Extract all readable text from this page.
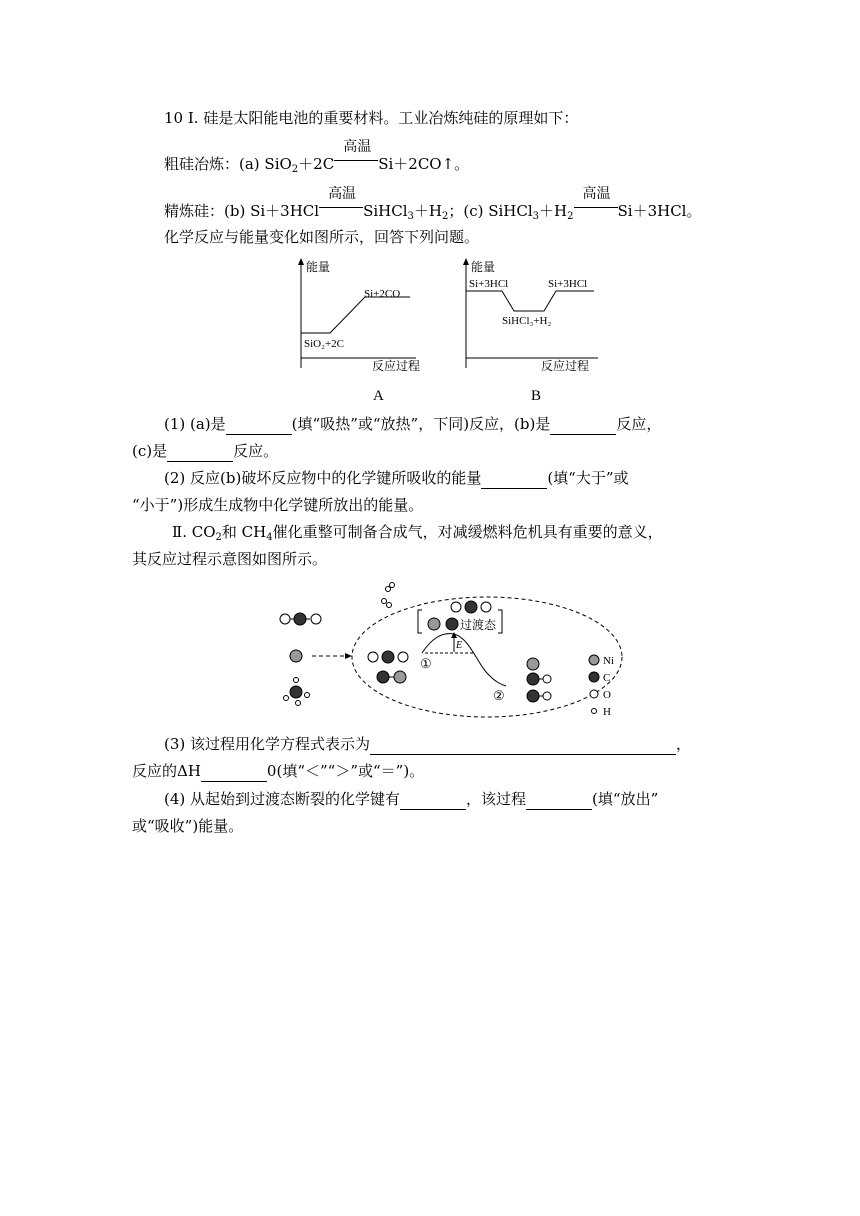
10 Ⅰ. 硅是太阳能电池的重要材料。工业冶炼纯硅的原理如下：
粗硅冶炼：(a) SiO$_2$＋2C
高温
Si＋2CO↑。
精炼硅：(b) Si＋3HCl
高温
$SiHCl_3+H_2$；(c) $SiHCl_3+H_2$
高温
Si＋3HCl。
化学反应与能量变化如图所示，回答下列问题。
能量
Si+2CO
SiO₂+2C
反应过程
A
能量
Si+3HCl	Si+3HCl
SiHCl₃+H₂
反应过程
B
(1) (a)是	(填“吸热”或“放热”，下同)反应，(b)是	反应，
(c)是	反应。
(2) 反应(b)破坏反应物中的化学键所吸收的能量	(填“大于”或
“小于”)形成生成物中化学键所放出的能量。
Ⅱ. $CO_2$和 $CH_4$催化重整可制备合成气，对减缓燃料危机具有重要的意义，
其反应过程示意图如图所示。
过渡态
E
①
②
Ni
C
O
H
(3) 该过程用化学方程式表示为	，
反应的ΔH	0(填“＜”“＞”或“＝”)。
(4) 从起始到过渡态断裂的化学键有	，该过程	(填“放出”
或“吸收”)能量。
